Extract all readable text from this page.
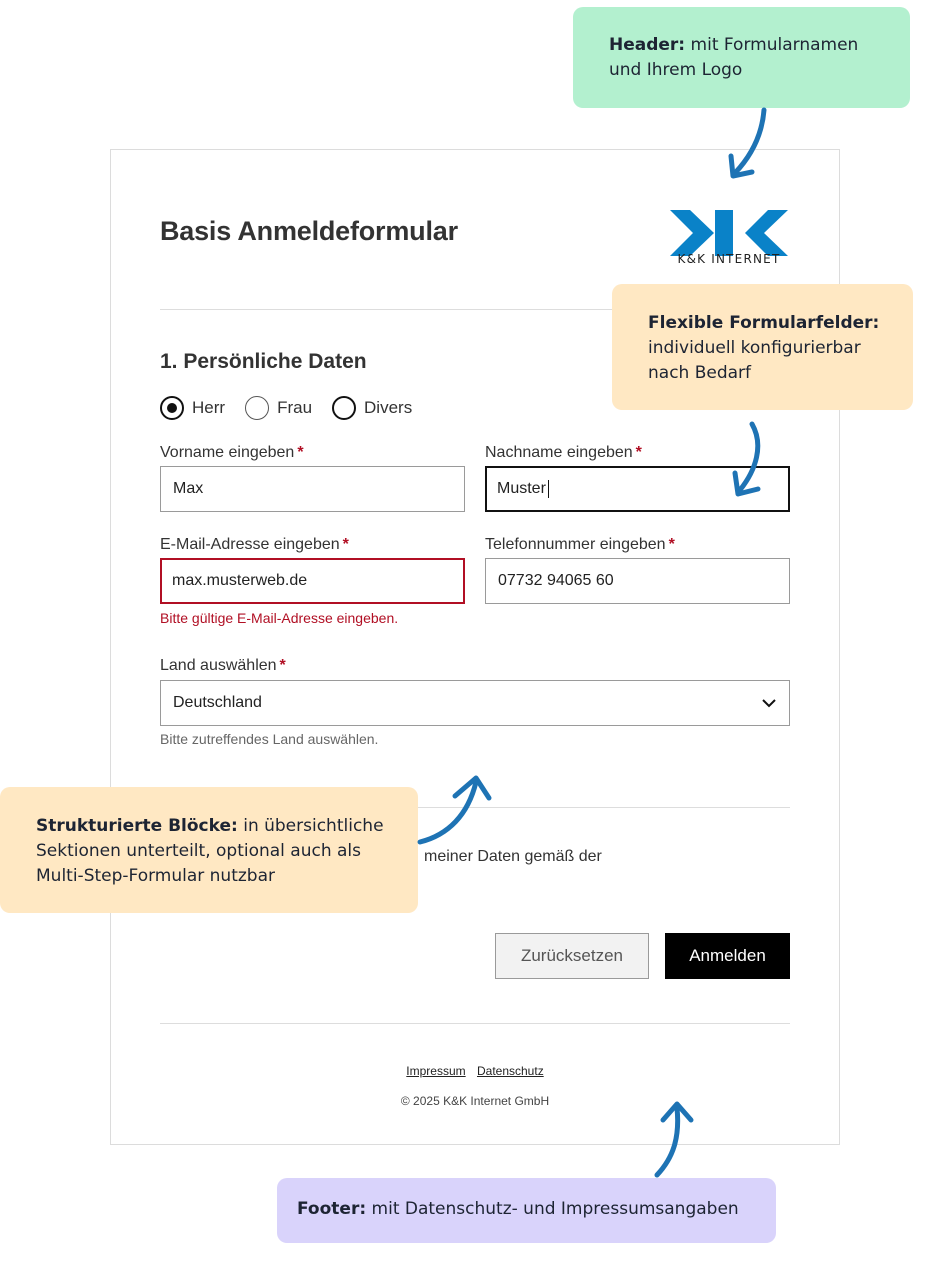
Basis Anmeldeformular
K&K INTERNET
1. Persönliche Daten
Herr	Frau	Divers
Vorname eingeben *
Max
Nachname eingeben *
Muster
E-Mail-Adresse eingeben *
max.musterweb.de
Bitte gültige E-Mail-Adresse eingeben.
Telefonnummer eingeben *
07732 94065 60
Land auswählen *
Deutschland
Bitte zutreffendes Land auswählen.
meiner Daten gemäß der
Zurücksetzen	Anmelden
Impressum Datenschutz
© 2025 K&K Internet GmbH
Header: mit Formularnamen und Ihrem Logo
Flexible Formularfelder: individuell konfigurierbar nach Bedarf
Strukturierte Blöcke: in übersichtliche Sektionen unterteilt, optional auch als Multi-Step-Formular nutzbar
Footer: mit Datenschutz- und Impressumsangaben
